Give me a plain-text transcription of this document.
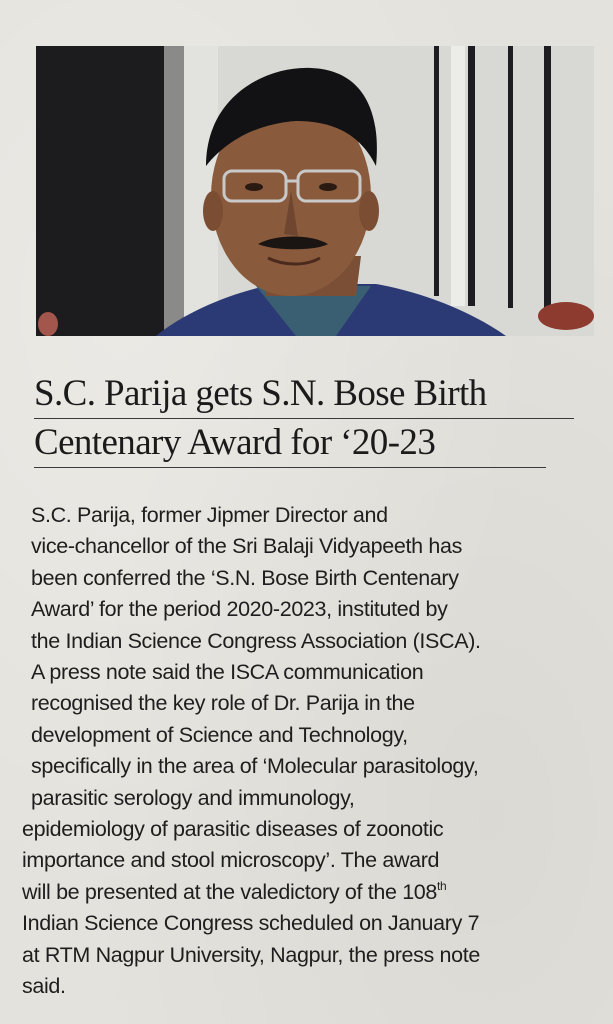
S.C. Parija gets S.N. Bose Birth Centenary Award for ‘20-23
S.C. Parija, former Jipmer Director and
vice-chancellor of the Sri Balaji Vidyapeeth has
been conferred the ‘S.N. Bose Birth Centenary
Award’ for the period 2020-2023, instituted by
the Indian Science Congress Association (ISCA).
A press note said the ISCA communication
recognised the key role of Dr. Parija in the
development of Science and Technology,
specifically in the area of ‘Molecular parasitology,
parasitic serology and immunology,
epidemiology of parasitic diseases of zoonotic
importance and stool microscopy’. The award
will be presented at the valedictory of the 108th
Indian Science Congress scheduled on January 7
at RTM Nagpur University, Nagpur, the press note
said.
